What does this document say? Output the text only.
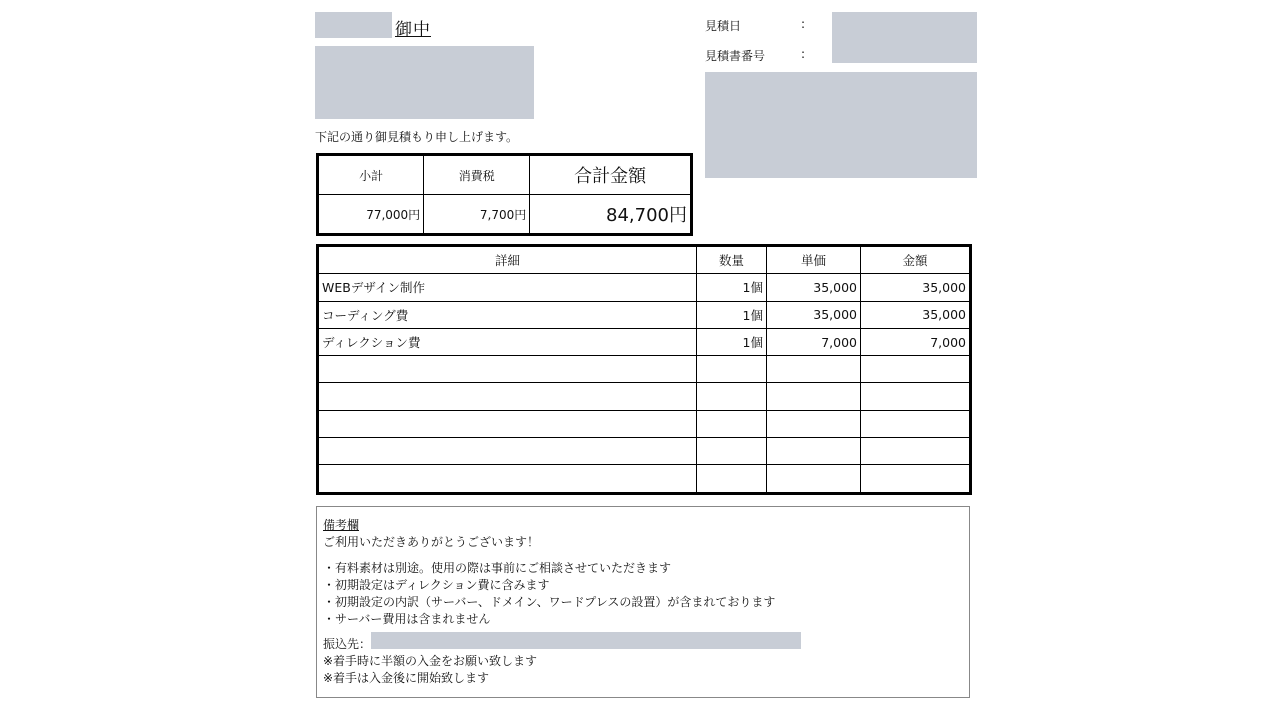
御中
下記の通り御見積もり申し上げます。
見積日	:
見積書番号	:
小計	消費税	合計金額
77,000円	7,700円	84,700円
詳細	数量	単価	金額
WEBデザイン制作	1個	35,000	35,000
コーディング費	1個	35,000	35,000
ディレクション費	1個	7,000	7,000

備考欄
ご利用いただきありがとうございます！
・有料素材は別途。使用の際は事前にご相談させていただきます
・初期設定はディレクション費に含みます
・初期設定の内訳（サーバー、ドメイン、ワードプレスの設置）が含まれております
・サーバー費用は含まれません
振込先：
※着手時に半額の入金をお願い致します
※着手は入金後に開始致します
